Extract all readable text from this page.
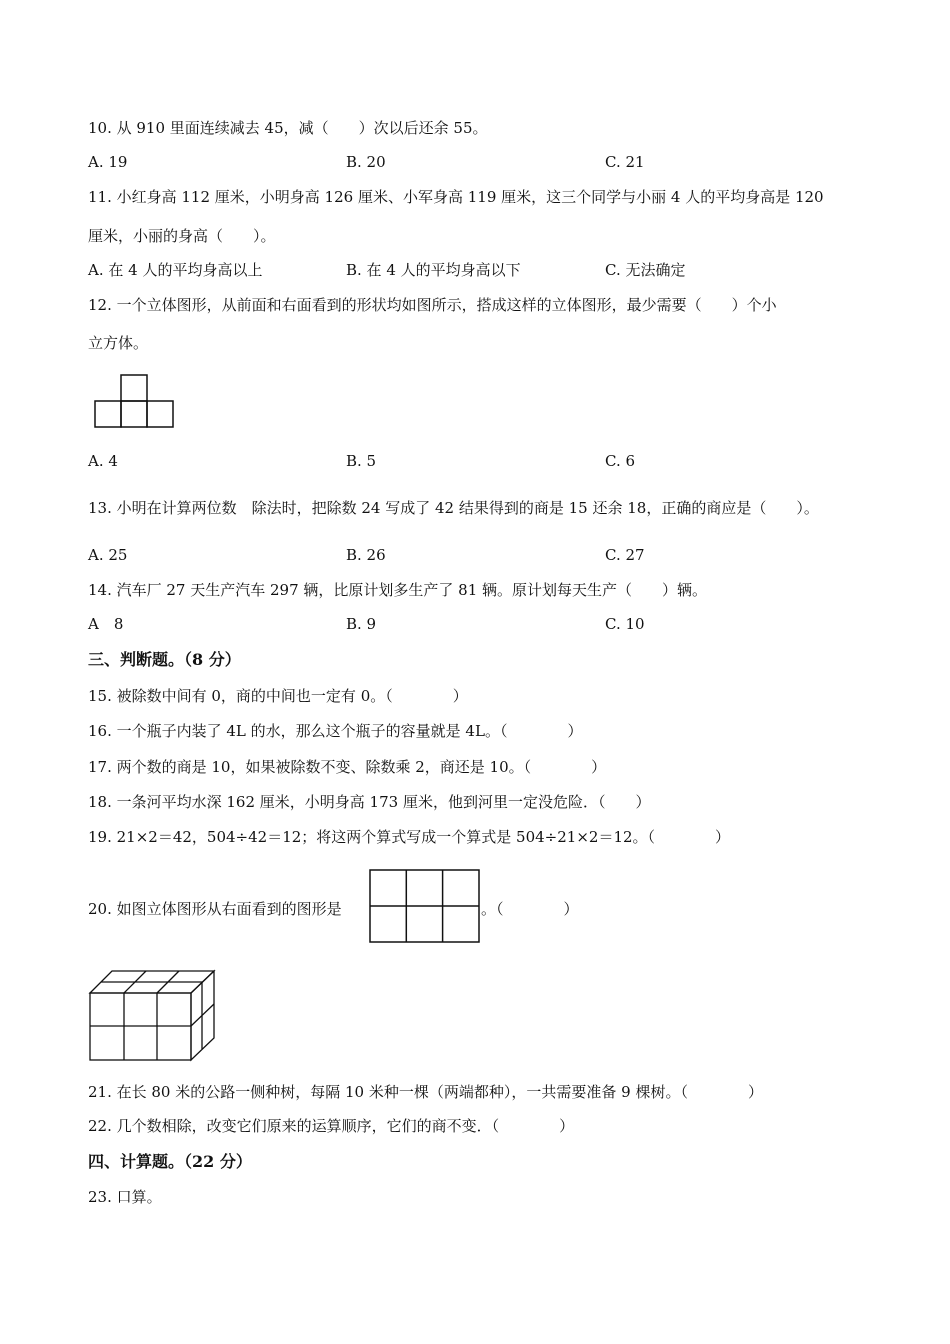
10. 从 910 里面连续减去 45，减（　　）次以后还余 55。
A. 19	B. 20	C. 21
11. 小红身高 112 厘米，小明身高 126 厘米、小军身高 119 厘米，这三个同学与小丽 4 人的平均身高是 120
厘米，小丽的身高（　　）。
A. 在 4 人的平均身高以上	B. 在 4 人的平均身高以下	C. 无法确定
12. 一个立体图形，从前面和右面看到的形状均如图所示，搭成这样的立体图形，最少需要（　　）个小
立方体。
A. 4	B. 5	C. 6
13. 小明在计算两位数　除法时，把除数 24 写成了 42 结果得到的商是 15 还余 18，正确的商应是（　　）。
A. 25	B. 26	C. 27
14. 汽车厂 27 天生产汽车 297 辆，比原计划多生产了 81 辆。原计划每天生产（　　）辆。
A　8	B. 9	C. 10
三、判断题。（8 分）
15. 被除数中间有 0，商的中间也一定有 0。（　　　　）
16. 一个瓶子内装了 4L 的水，那么这个瓶子的容量就是 4L。（　　　　）
17. 两个数的商是 10，如果被除数不变、除数乘 2，商还是 10。（　　　　）
18. 一条河平均水深 162 厘米，小明身高 173 厘米，他到河里一定没危险．（　　）
19. 21×2＝42，504÷42＝12；将这两个算式写成一个算式是 504÷21×2＝12。（　　　　）
20. 如图立体图形从右面看到的图形是	。（　　　　）
21. 在长 80 米的公路一侧种树，每隔 10 米种一棵（两端都种），一共需要准备 9 棵树。（　　　　）
22. 几个数相除，改变它们原来的运算顺序，它们的商不变．（　　　　）
四、计算题。（22 分）
23. 口算。
